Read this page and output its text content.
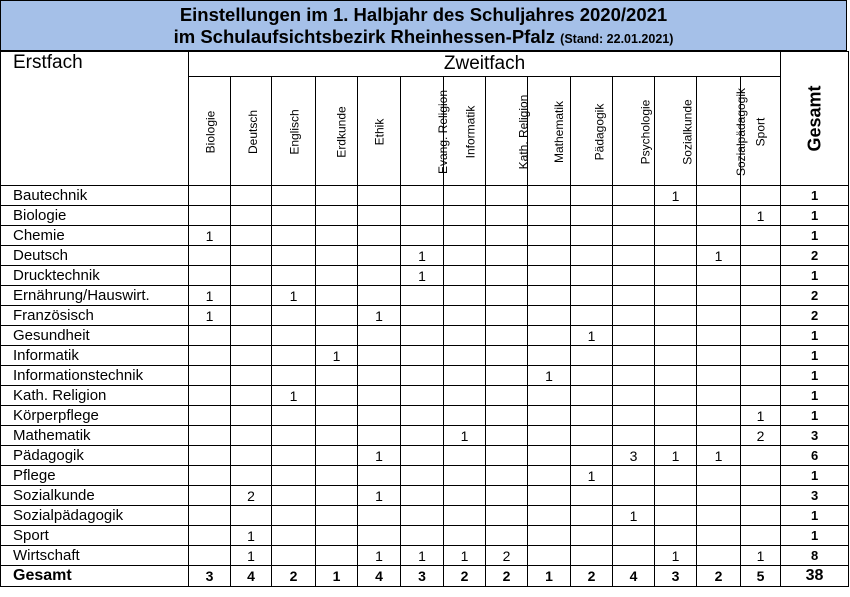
Einstellungen im 1. Halbjahr des Schuljahres 2020/2021
im Schulaufsichtsbezirk Rheinhessen-Pfalz (Stand: 22.01.2021)
Erstfach	Zweitfach														Gesamt
	Biologie	Deutsch	Englisch	Erdkunde	Ethik	Evang. Religion	Informatik	Kath. Religion	Mathematik	Pädagogik	Psychologie	Sozialkunde	Sozialpädagogik	Sport	
Bautechnik												1			1
Biologie														1	1
Chemie	1														1
Deutsch						1							1		2
Drucktechnik						1									1
Ernährung/Hauswirt.	1		1												2
Französisch	1				1										2
Gesundheit										1					1
Informatik				1											1
Informationstechnik									1						1
Kath. Religion			1												1
Körperpflege														1	1
Mathematik							1							2	3
Pädagogik					1						3	1	1		6
Pflege										1					1
Sozialkunde		2			1										3
Sozialpädagogik											1				1
Sport		1													1
Wirtschaft		1			1	1	1	2				1		1	8
Gesamt	3	4	2	1	4	3	2	2	1	2	4	3	2	5	38
